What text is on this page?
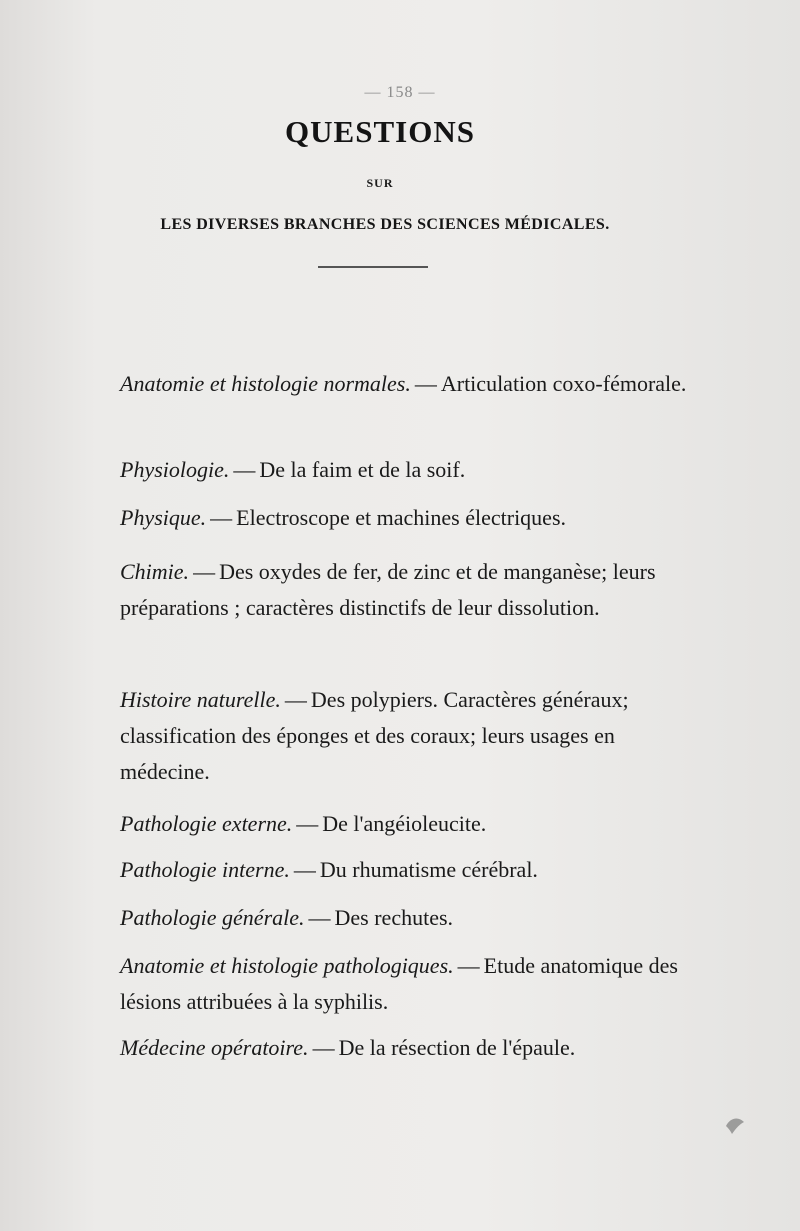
— 158 —
QUESTIONS
SUR
LES DIVERSES BRANCHES DES SCIENCES MÉDICALES.
Anatomie et histologie normales. — Articulation coxo-fémorale.
Physiologie. — De la faim et de la soif.
Physique. — Electroscope et machines électriques.
Chimie. — Des oxydes de fer, de zinc et de manganèse; leurs préparations ; caractères distinctifs de leur dissolution.
Histoire naturelle. — Des polypiers. Caractères généraux; classification des éponges et des coraux; leurs usages en médecine.
Pathologie externe. — De l'angéioleucite.
Pathologie interne. — Du rhumatisme cérébral.
Pathologie générale. — Des rechutes.
Anatomie et histologie pathologiques. — Etude anatomique des lésions attribuées à la syphilis.
Médecine opératoire. — De la résection de l'épaule.
